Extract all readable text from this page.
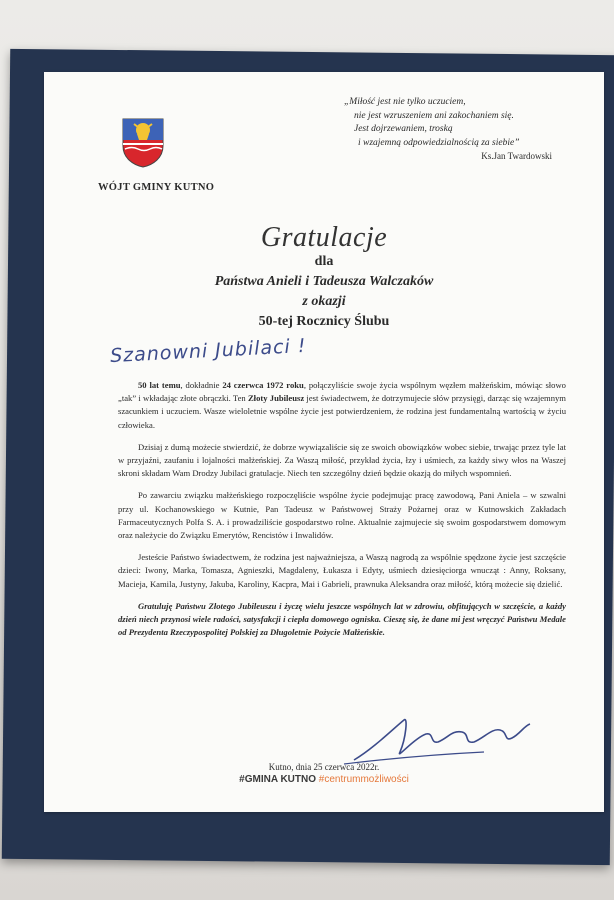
WÓJT GMINY KUTNO
„Miłość jest nie tylko uczuciem,
nie jest wzruszeniem ani zakochaniem się.
Jest dojrzewaniem, troską
i wzajemną odpowiedzialnością za siebie”
Ks.Jan Twardowski
Gratulacje
dla
Państwa Anieli i Tadeusza Walczaków
z okazji
50-tej Rocznicy Ślubu
Szanowni Jubilaci !

50 lat temu, dokładnie 24 czerwca 1972 roku, połączyliście swoje życia wspólnym węzłem małżeńskim, mówiąc słowo „tak” i wkładając złote obrączki. Ten Złoty Jubileusz jest świadectwem, że dotrzymujecie słów przysięgi, darząc się wzajemnym szacunkiem i uczuciem. Wasze wieloletnie wspólne życie jest potwierdzeniem, że rodzina jest fundamentalną wartością w życiu człowieka.

Dzisiaj z dumą możecie stwierdzić, że dobrze wywiązaliście się ze swoich obowiązków wobec siebie, trwając przez tyle lat w przyjaźni, zaufaniu i lojalności małżeńskiej. Za Waszą miłość, przykład życia, łzy i uśmiech, za każdy siwy włos na Waszej skroni składam Wam Drodzy Jubilaci gratulacje. Niech ten szczególny dzień będzie okazją do miłych wspomnień.

Po zawarciu związku małżeńskiego rozpoczęliście wspólne życie podejmując pracę zawodową, Pani Aniela – w szwalni przy ul. Kochanowskiego w Kutnie, Pan Tadeusz w Państwowej Straży Pożarnej oraz w Kutnowskich Zakładach Farmaceutycznych Polfa S. A. i prowadziliście gospodarstwo rolne. Aktualnie zajmujecie się swoim gospodarstwem domowym oraz należycie do Związku Emerytów, Rencistów i Inwalidów.

Jesteście Państwo świadectwem, że rodzina jest najważniejsza, a Waszą nagrodą za wspólnie spędzone życie jest szczęście dzieci: Iwony, Marka, Tomasza, Agnieszki, Magdaleny, Łukasza i Edyty, uśmiech dziesięciorga wnucząt : Anny, Roksany, Macieja, Kamila, Justyny, Jakuba, Karoliny, Kacpra, Mai i Gabrieli, prawnuka Aleksandra oraz miłość, którą możecie się dzielić.

Gratuluję Państwu Złotego Jubileuszu i życzę wielu jeszcze wspólnych lat w zdrowiu, obfitujących w szczęście, a każdy dzień niech przynosi wiele radości, satysfakcji i ciepła domowego ogniska. Cieszę się, że dane mi jest wręczyć Państwu Medale od Prezydenta Rzeczypospolitej Polskiej za Długoletnie Pożycie Małżeńskie.

Kutno, dnia 25 czerwca 2022r.
#GMINA KUTNO #centrummożliwości
